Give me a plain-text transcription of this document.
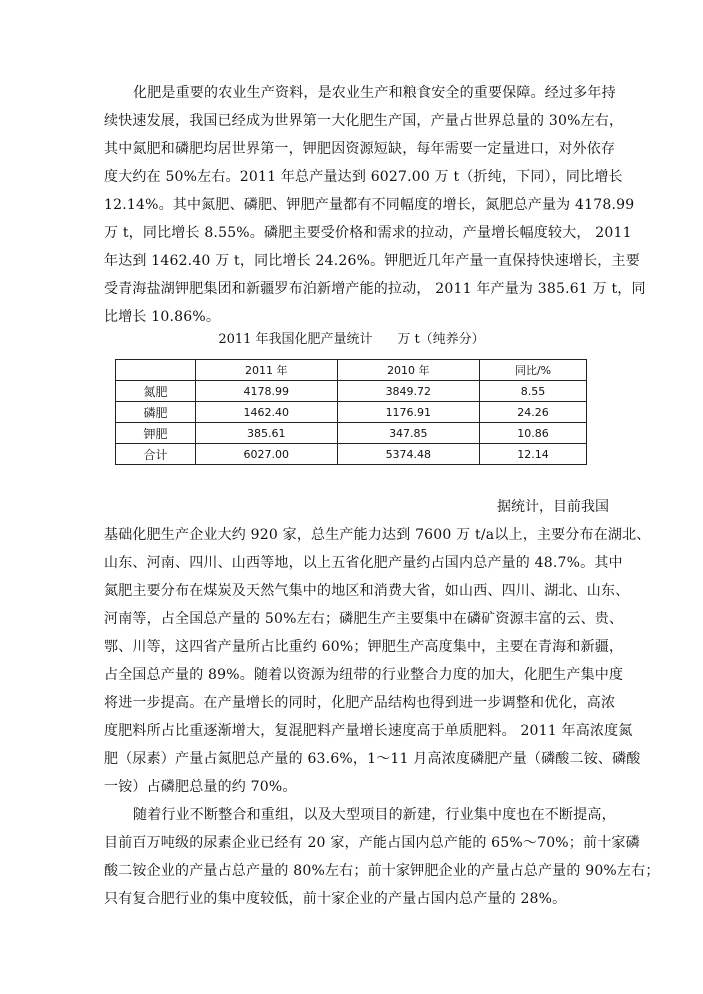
化肥是重要的农业生产资料，是农业生产和粮食安全的重要保障。经过多年持
续快速发展，我国已经成为世界第一大化肥生产国，产量占世界总量的 30%左右，
其中氮肥和磷肥均居世界第一，钾肥因资源短缺，每年需要一定量进口，对外依存
度大约在 50%左右。2011 年总产量达到 6027.00 万 t（折纯，下同），同比增长
12.14%。其中氮肥、磷肥、钾肥产量都有不同幅度的增长，氮肥总产量为 4178.99
万 t，同比增长 8.55%。磷肥主要受价格和需求的拉动，产量增长幅度较大， 2011
年达到 1462.40 万 t，同比增长 24.26%。钾肥近几年产量一直保持快速增长，主要
受青海盐湖钾肥集团和新疆罗布泊新增产能的拉动， 2011 年产量为 385.61 万 t，同
比增长 10.86%。
2011 年我国化肥产量统计      万 t（纯养分）
	2011 年	2010 年	同比/%
氮肥	4178.99	3849.72	8.55
磷肥	1462.40	1176.91	24.26
钾肥	385.61	347.85	10.86
合计	6027.00	5374.48	12.14
据统计，目前我国
基础化肥生产企业大约 920 家，总生产能力达到 7600 万 t/a以上，主要分布在湖北、
山东、河南、四川、山西等地，以上五省化肥产量约占国内总产量的 48.7%。其中
氮肥主要分布在煤炭及天然气集中的地区和消费大省，如山西、四川、湖北、山东、
河南等，占全国总产量的 50%左右；磷肥生产主要集中在磷矿资源丰富的云、贵、
鄂、川等，这四省产量所占比重约 60%；钾肥生产高度集中，主要在青海和新疆，
占全国总产量的 89%。随着以资源为纽带的行业整合力度的加大，化肥生产集中度
将进一步提高。在产量增长的同时，化肥产品结构也得到进一步调整和优化，高浓
度肥料所占比重逐渐增大，复混肥料产量增长速度高于单质肥料。 2011 年高浓度氮
肥（尿素）产量占氮肥总产量的 63.6%，1～11 月高浓度磷肥产量（磷酸二铵、磷酸
一铵）占磷肥总量的约 70%。
随着行业不断整合和重组，以及大型项目的新建，行业集中度也在不断提高，
目前百万吨级的尿素企业已经有 20 家，产能占国内总产能的 65%～70%；前十家磷
酸二铵企业的产量占总产量的 80%左右；前十家钾肥企业的产量占总产量的 90%左右；
只有复合肥行业的集中度较低，前十家企业的产量占国内总产量的 28%。
